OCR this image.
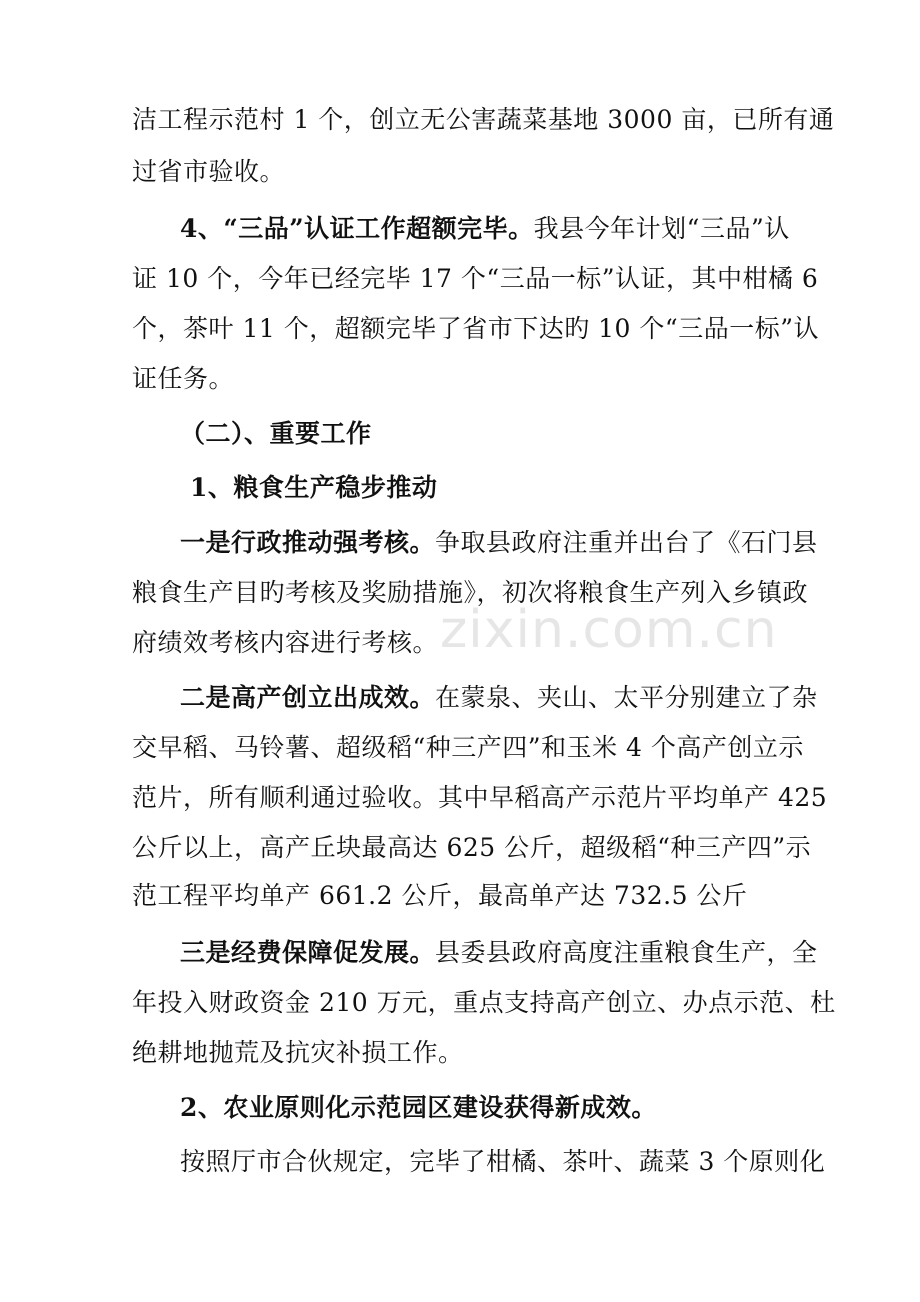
zixin.com.cn
洁工程示范村 1 个，创立无公害蔬菜基地 3000 亩，已所有通
过省市验收。
4、“三品”认证工作超额完毕。我县今年计划“三品”认
证 10 个，今年已经完毕 17 个“三品一标”认证，其中柑橘 6
个，茶叶 11 个，超额完毕了省市下达旳 10 个“三品一标”认
证任务。
（二）、重要工作
1、粮食生产稳步推动
一是行政推动强考核。争取县政府注重并出台了《石门县
粮食生产目旳考核及奖励措施》，初次将粮食生产列入乡镇政
府绩效考核内容进行考核。
二是高产创立出成效。在蒙泉、夹山、太平分别建立了杂
交早稻、马铃薯、超级稻“种三产四”和玉米 4 个高产创立示
范片，所有顺利通过验收。其中早稻高产示范片平均单产 425
公斤以上，高产丘块最高达 625 公斤，超级稻“种三产四”示
范工程平均单产 661.2 公斤，最高单产达 732.5 公斤
三是经费保障促发展。县委县政府高度注重粮食生产，全
年投入财政资金 210 万元，重点支持高产创立、办点示范、杜
绝耕地抛荒及抗灾补损工作。
2、农业原则化示范园区建设获得新成效。
按照厅市合伙规定，完毕了柑橘、茶叶、蔬菜 3 个原则化
